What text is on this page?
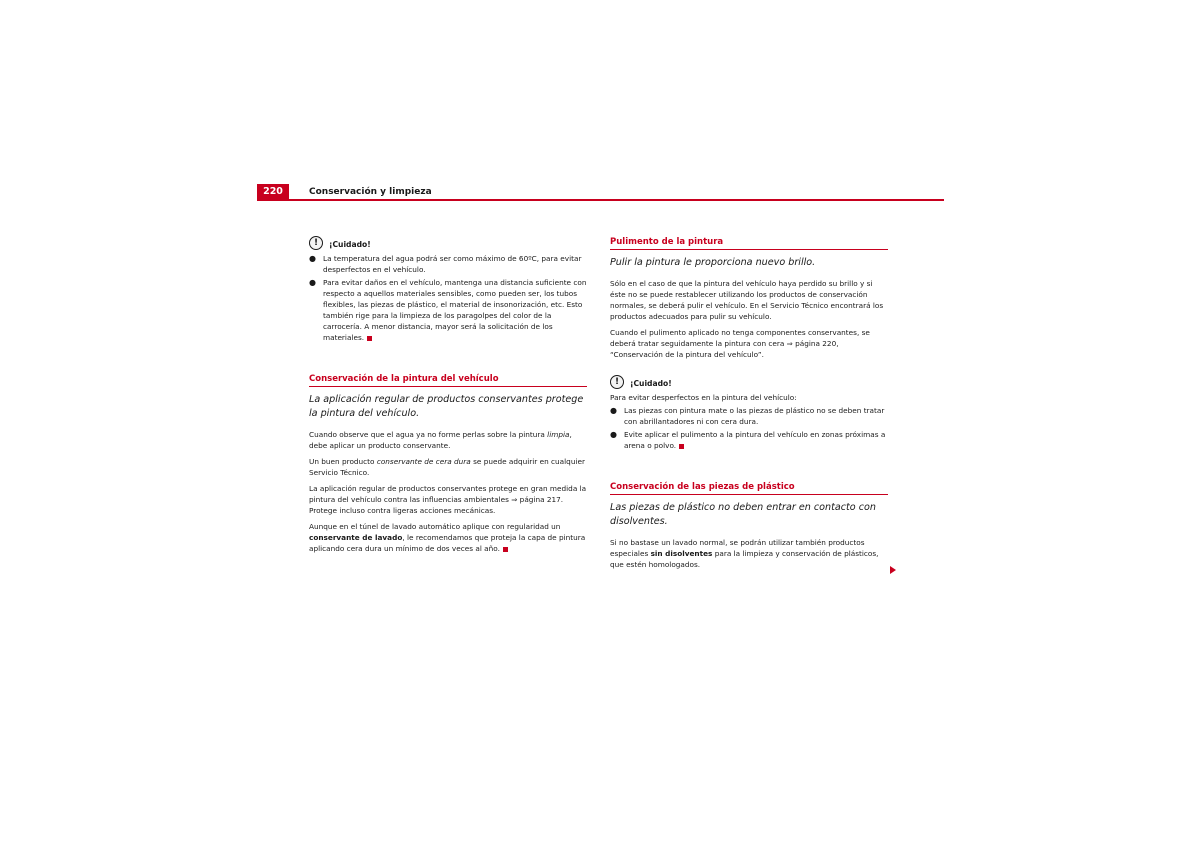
220	Conservación y limpieza
!	¡Cuidado!
● La temperatura del agua podrá ser como máximo de 60ºC, para evitar desperfectos en el vehículo.

● Para evitar daños en el vehículo, mantenga una distancia suficiente con respecto a aquellos materiales sensibles, como pueden ser, los tubos flexibles, las piezas de plástico, el material de insonorización, etc. Esto también rige para la limpieza de los paragolpes del color de la carrocería. A menor distancia, mayor será la solicitación de los materiales.

Conservación de la pintura del vehículo
La aplicación regular de productos conservantes protege la pintura del vehículo.

Cuando observe que el agua ya no forme perlas sobre la pintura limpia, debe aplicar un producto conservante.

Un buen producto conservante de cera dura se puede adquirir en cualquier Servicio Técnico.

La aplicación regular de productos conservantes protege en gran medida la pintura del vehículo contra las influencias ambientales ⇒ página 217. Protege incluso contra ligeras acciones mecánicas.

Aunque en el túnel de lavado automático aplique con regularidad un conservante de lavado, le recomendamos que proteja la capa de pintura aplicando cera dura un mínimo de dos veces al año.

Pulimento de la pintura
Pulir la pintura le proporciona nuevo brillo.

Sólo en el caso de que la pintura del vehículo haya perdido su brillo y si éste no se puede restablecer utilizando los productos de conservación normales, se deberá pulir el vehículo. En el Servicio Técnico encontrará los productos adecuados para pulir su vehículo.

Cuando el pulimento aplicado no tenga componentes conservantes, se deberá tratar seguidamente la pintura con cera ⇒ página 220, “Conservación de la pintura del vehículo”.

!	¡Cuidado!

Para evitar desperfectos en la pintura del vehículo:

● Las piezas con pintura mate o las piezas de plástico no se deben tratar con abrillantadores ni con cera dura.

● Evite aplicar el pulimento a la pintura del vehículo en zonas próximas a arena o polvo.

Conservación de las piezas de plástico
Las piezas de plástico no deben entrar en contacto con disolventes.

Si no bastase un lavado normal, se podrán utilizar también productos especiales sin disolventes para la limpieza y conservación de plásticos, que estén homologados.
